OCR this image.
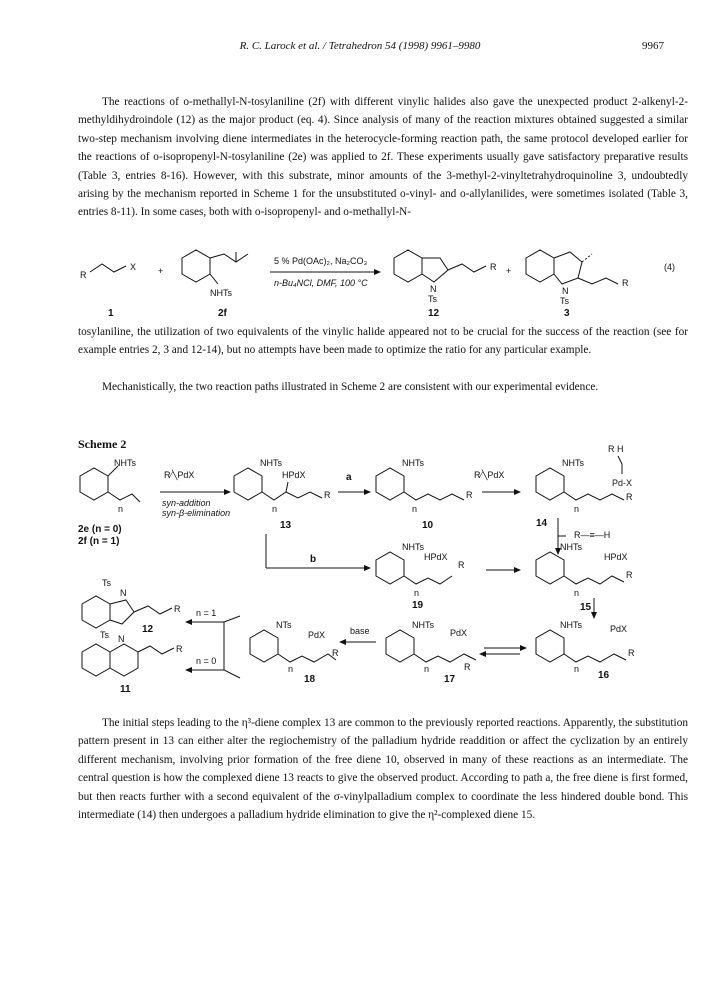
R. C. Larock et al. / Tetrahedron 54 (1998) 9961–9980	9967

The reactions of o-methallyl-N-tosylaniline (2f) with different vinylic halides also gave the unexpected product 2-alkenyl-2-methyldihydroindole (12) as the major product (eq. 4). Since analysis of many of the reaction mixtures obtained suggested a similar two-step mechanism involving diene intermediates in the heterocycle-forming reaction path, the same protocol developed earlier for the reactions of o-isopropenyl-N-tosylaniline (2e) was applied to 2f. These experiments usually gave satisfactory preparative results (Table 3, entries 8-16). However, with this substrate, minor amounts of the 3-methyl-2-vinyltetrahydroquinoline 3, undoubtedly arising by the mechanism reported in Scheme 1 for the unsubstituted o-vinyl- and o-allylanilides, were sometimes isolated (Table 3, entries 8-11). In some cases, both with o-isopropenyl- and o-methallyl-N-

R
X
1
+
NHTs
2f
5 % Pd(OAc)₂, Na₂CO₃
n-Bu₄NCl, DMF, 100 °C
N
Ts
R
12
+
N
Ts
R
3
(4)

tosylaniline, the utilization of two equivalents of the vinylic halide appeared not to be crucial for the success of the reaction (see for example entries 2, 3 and 12-14), but no attempts have been made to optimize the ratio for any particular example.

Mechanistically, the two reaction paths illustrated in Scheme 2 are consistent with our experimental evidence.

Scheme 2

NHTs
n
2e (n = 0)
2f (n = 1)
R∕╲PdX
syn-addition
syn-β-elimination
NHTs
HPdX
R
n
13
a
NHTs
R
n
10
R∕╲PdX
R H
NHTs
Pd-X
R
n
14
R—≡—H
b
NHTs
HPdX
R
n
19
NHTs
HPdX
R
n
15
NHTs	PdX
R
n
16
NHTs
PdX
R
n
17
base
NTs
PdX
R
n
18
n = 1
n = 0
N
Ts
R
12
N
Ts
R
11

The initial steps leading to the η³-diene complex 13 are common to the previously reported reactions. Apparently, the substitution pattern present in 13 can either alter the regiochemistry of the palladium hydride readdition or affect the cyclization by an entirely different mechanism, involving prior formation of the free diene 10, observed in many of these reactions as an intermediate. The central question is how the complexed diene 13 reacts to give the observed product. According to path a, the free diene is first formed, but then reacts further with a second equivalent of the σ-vinylpalladium complex to coordinate the less hindered double bond. This intermediate (14) then undergoes a palladium hydride elimination to give the η²-complexed diene 15.
